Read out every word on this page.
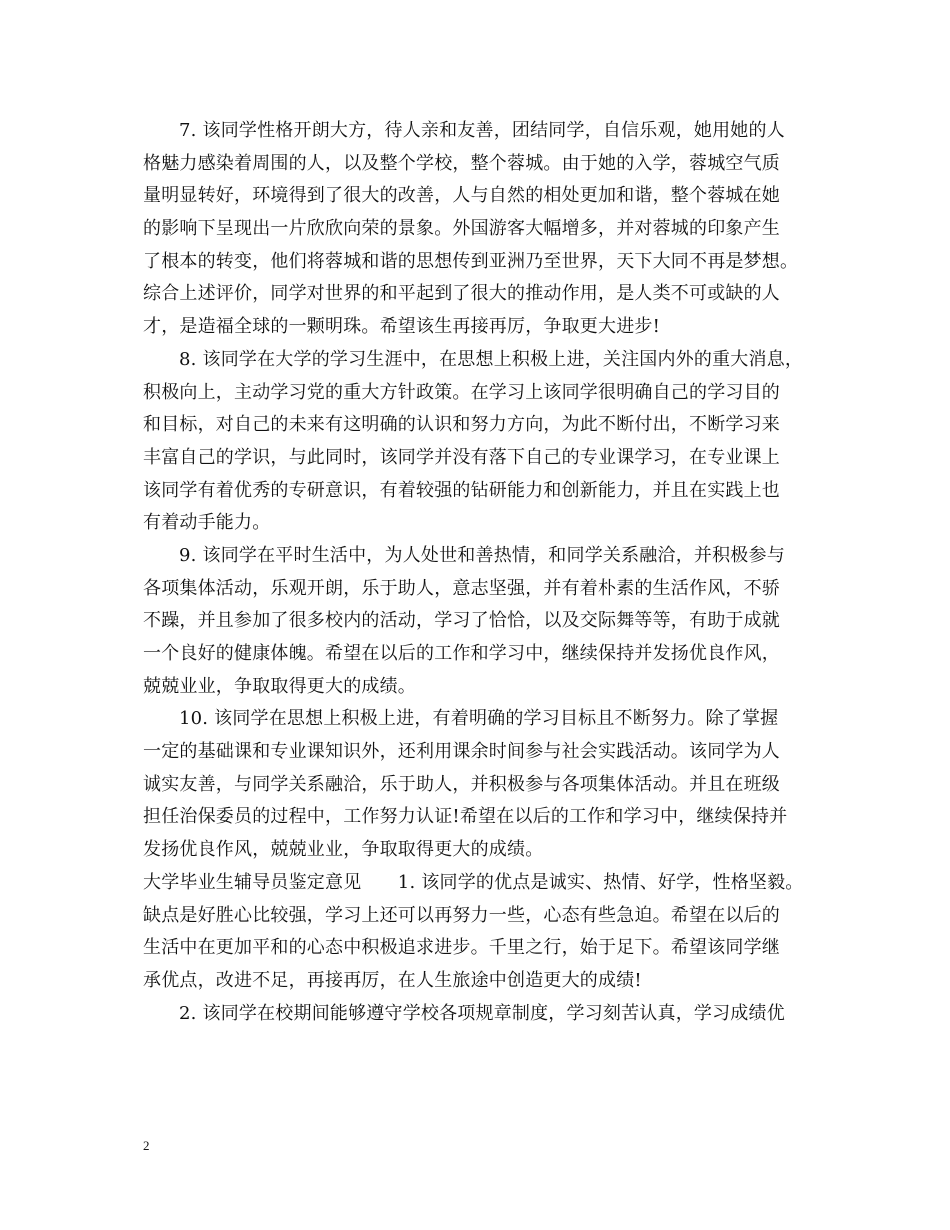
7. 该同学性格开朗大方，待人亲和友善，团结同学，自信乐观，她用她的人
格魅力感染着周围的人，以及整个学校，整个蓉城。由于她的入学，蓉城空气质
量明显转好，环境得到了很大的改善，人与自然的相处更加和谐，整个蓉城在她
的影响下呈现出一片欣欣向荣的景象。外国游客大幅增多，并对蓉城的印象产生
了根本的转变，他们将蓉城和谐的思想传到亚洲乃至世界，天下大同不再是梦想。
综合上述评价，同学对世界的和平起到了很大的推动作用，是人类不可或缺的人
才，是造福全球的一颗明珠。希望该生再接再厉，争取更大进步!
8. 该同学在大学的学习生涯中，在思想上积极上进，关注国内外的重大消息，
积极向上，主动学习党的重大方针政策。在学习上该同学很明确自己的学习目的
和目标，对自己的未来有这明确的认识和努力方向，为此不断付出，不断学习来
丰富自己的学识，与此同时，该同学并没有落下自己的专业课学习，在专业课上
该同学有着优秀的专研意识，有着较强的钻研能力和创新能力，并且在实践上也
有着动手能力。
9. 该同学在平时生活中，为人处世和善热情，和同学关系融洽，并积极参与
各项集体活动，乐观开朗，乐于助人，意志坚强，并有着朴素的生活作风，不骄
不躁，并且参加了很多校内的活动，学习了恰恰，以及交际舞等等，有助于成就
一个良好的健康体魄。希望在以后的工作和学习中，继续保持并发扬优良作风，
兢兢业业，争取取得更大的成绩。
10. 该同学在思想上积极上进，有着明确的学习目标且不断努力。除了掌握
一定的基础课和专业课知识外，还利用课余时间参与社会实践活动。该同学为人
诚实友善，与同学关系融洽，乐于助人，并积极参与各项集体活动。并且在班级
担任治保委员的过程中，工作努力认证!希望在以后的工作和学习中，继续保持并
发扬优良作风，兢兢业业，争取取得更大的成绩。
大学毕业生辅导员鉴定意见　　1. 该同学的优点是诚实、热情、好学，性格坚毅。
缺点是好胜心比较强，学习上还可以再努力一些，心态有些急迫。希望在以后的
生活中在更加平和的心态中积极追求进步。千里之行，始于足下。希望该同学继
承优点，改进不足，再接再厉，在人生旅途中创造更大的成绩!
2. 该同学在校期间能够遵守学校各项规章制度，学习刻苦认真，学习成绩优
2
